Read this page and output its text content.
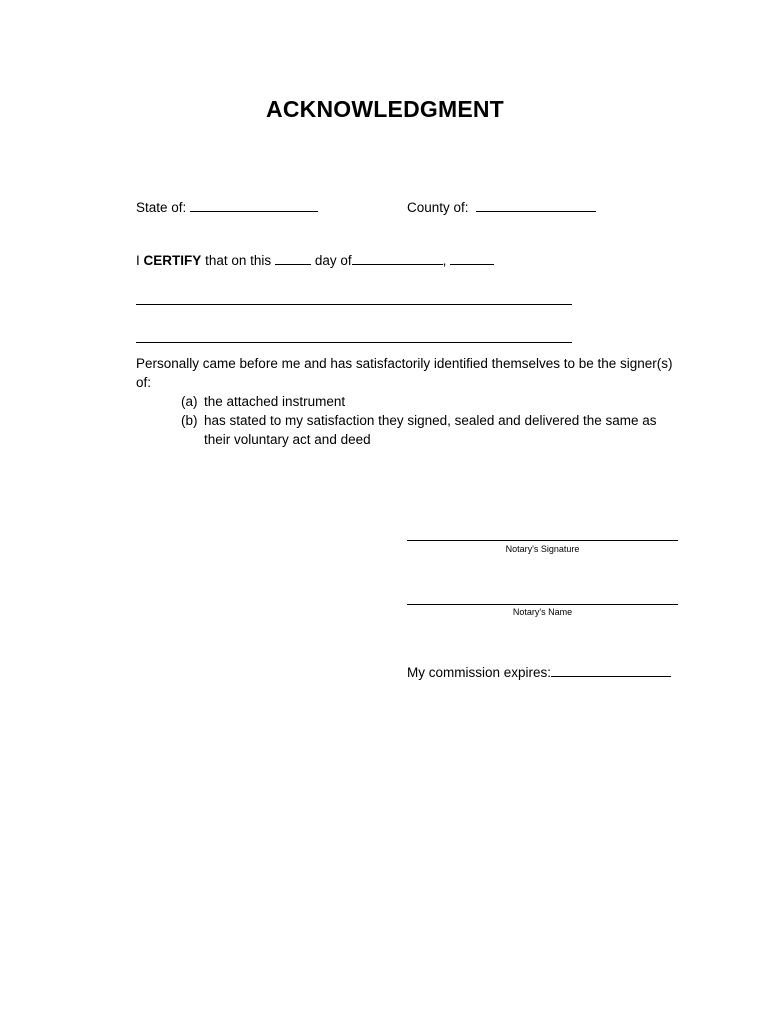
ACKNOWLEDGMENT
State of:	County of:
I CERTIFY that on this	day of	,
Personally came before me and has satisfactorily identified themselves to be the signer(s) of:
(a) the attached instrument
(b) has stated to my satisfaction they signed, sealed and delivered the same as their voluntary act and deed
Notary's Signature
Notary's Name
My commission expires:
